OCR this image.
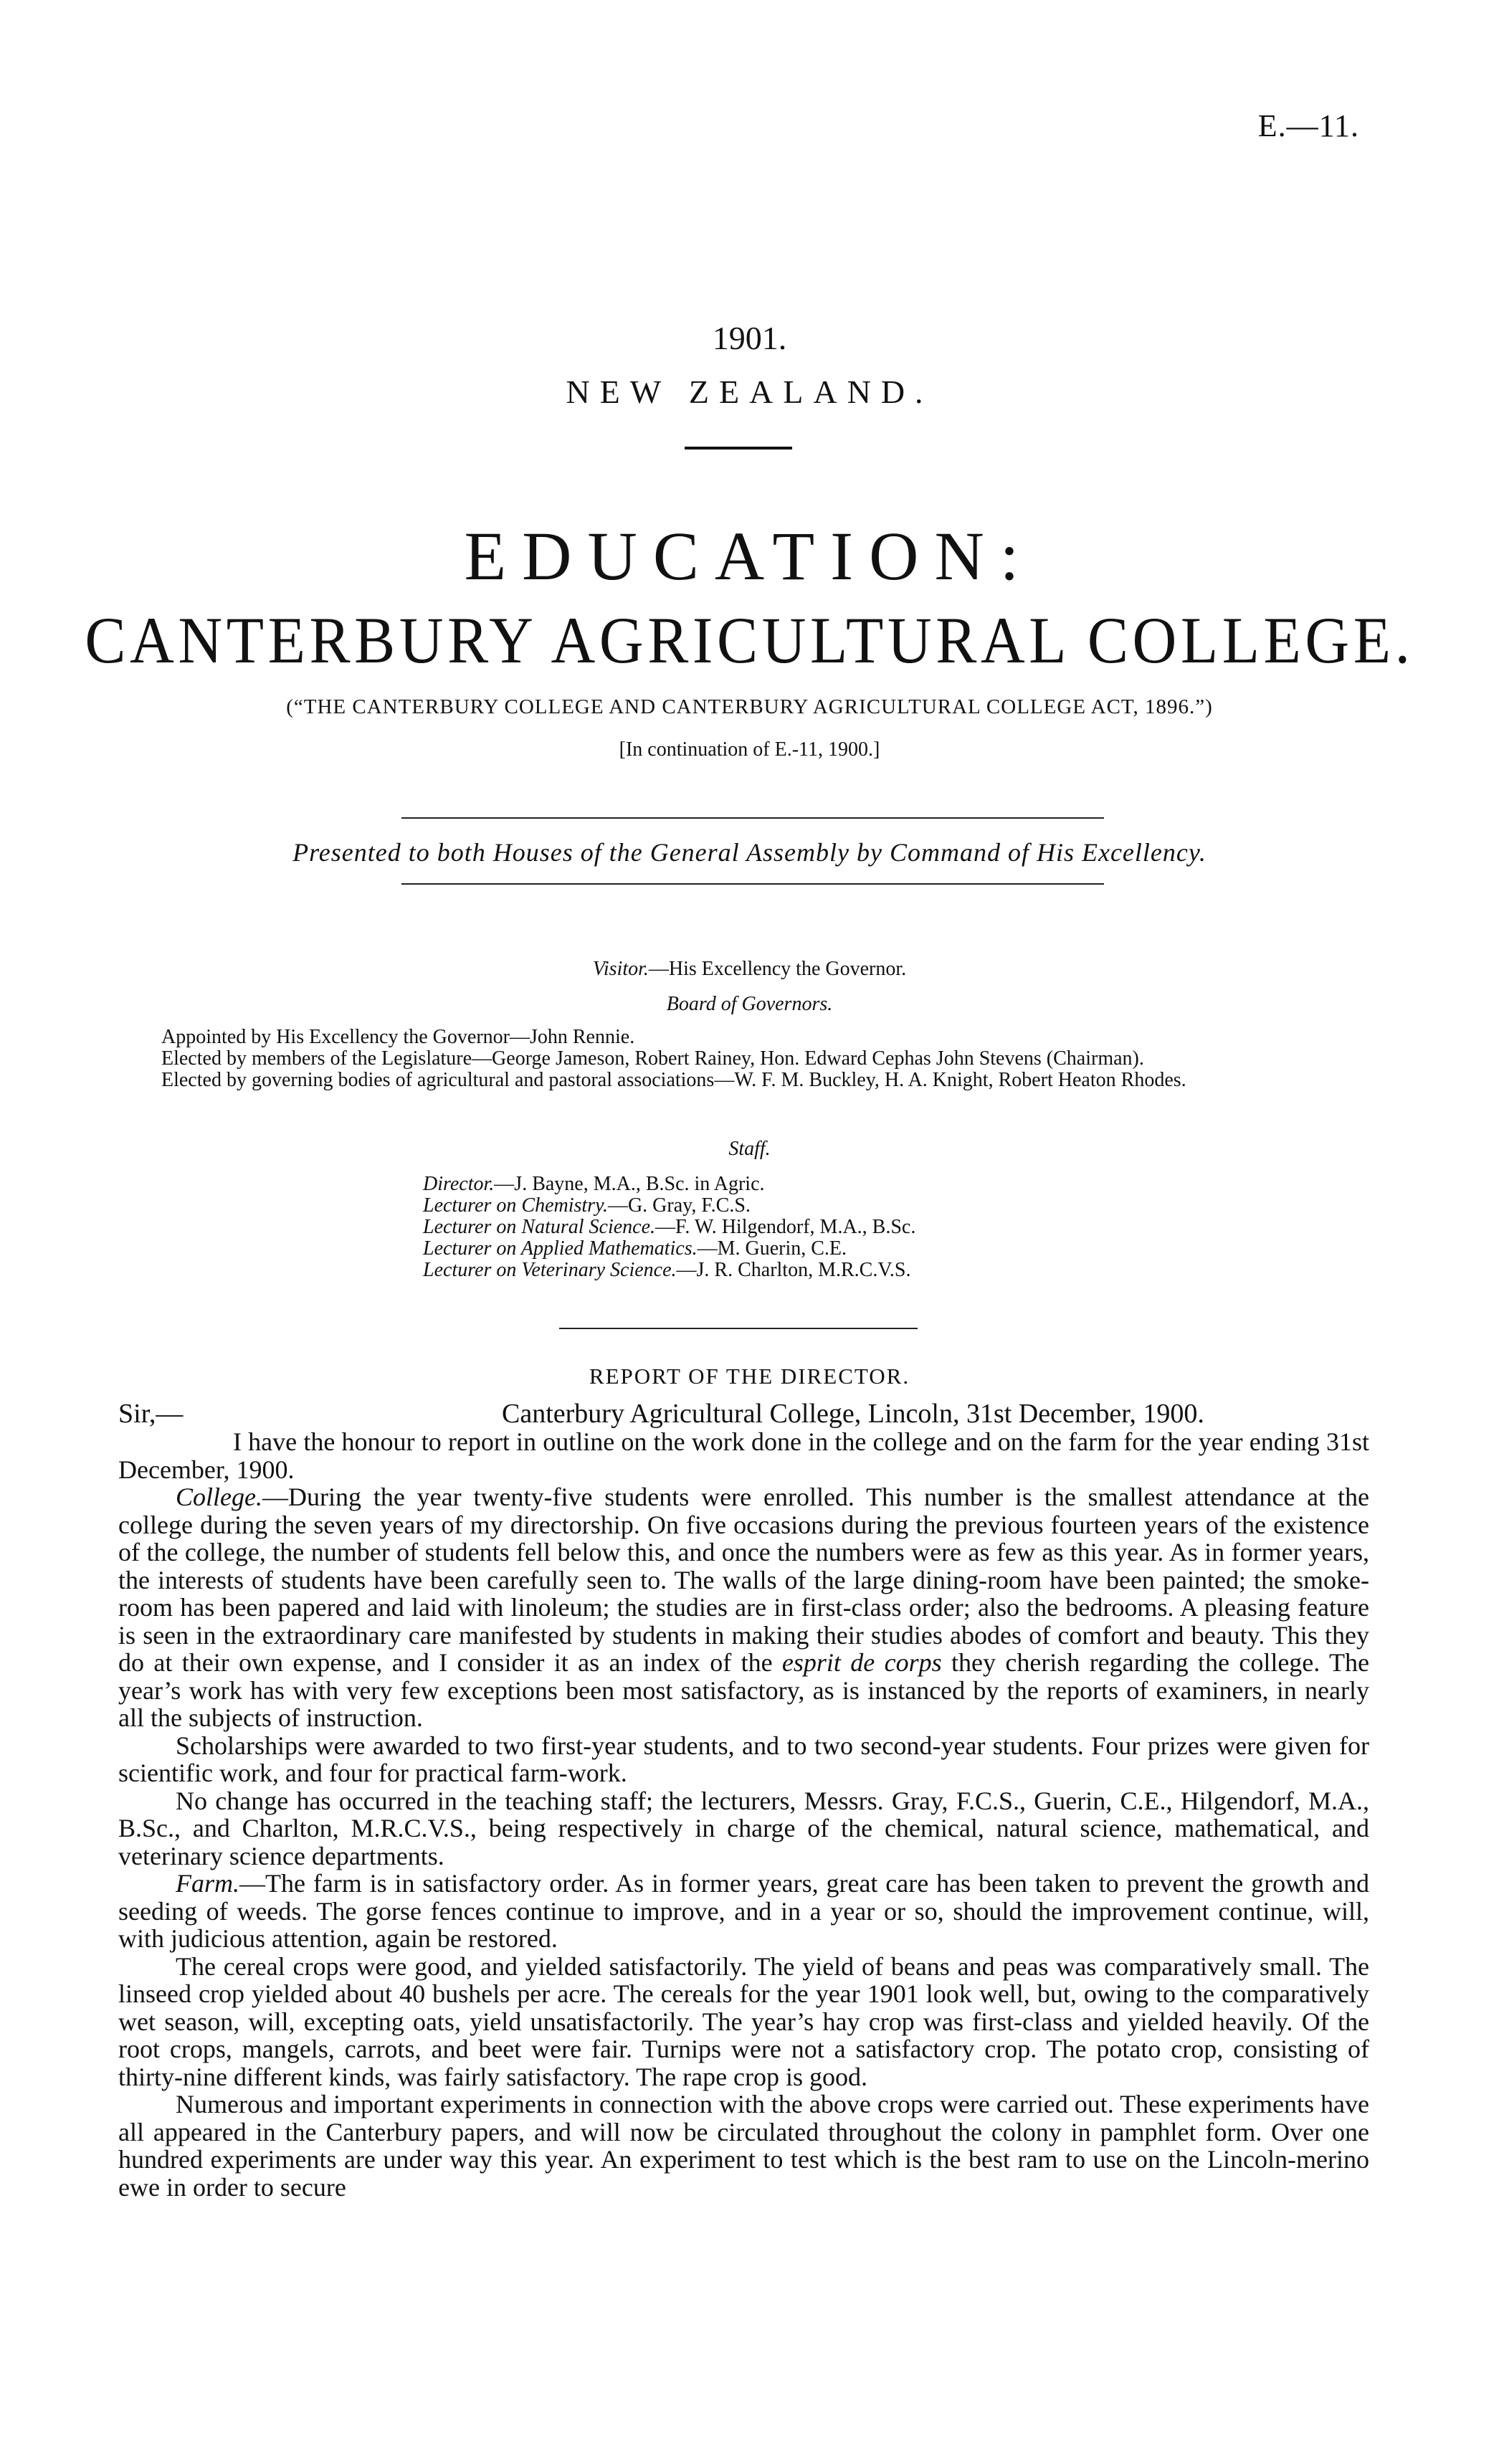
E.—11.
1901.
NEW ZEALAND.
EDUCATION:
CANTERBURY AGRICULTURAL COLLEGE.
(“THE CANTERBURY COLLEGE AND CANTERBURY AGRICULTURAL COLLEGE ACT, 1896.”)
[In continuation of E.-11, 1900.]
Presented to both Houses of the General Assembly by Command of His Excellency.
Visitor.—His Excellency the Governor.
Board of Governors.

Appointed by His Excellency the Governor—John Rennie.

Elected by members of the Legislature—George Jameson, Robert Rainey, Hon. Edward Cephas John Stevens (Chairman).

Elected by governing bodies of agricultural and pastoral associations—W. F. M. Buckley, H. A. Knight, Robert Heaton Rhodes.

Staff.
Director.—J. Bayne, M.A., B.Sc. in Agric.
Lecturer on Chemistry.—G. Gray, F.C.S.
Lecturer on Natural Science.—F. W. Hilgendorf, M.A., B.Sc.
Lecturer on Applied Mathematics.—M. Guerin, C.E.
Lecturer on Veterinary Science.—J. R. Charlton, M.R.C.V.S.
REPORT OF THE DIRECTOR.
Sir,—	Canterbury Agricultural College, Lincoln, 31st December, 1900.

I have the honour to report in outline on the work done in the college and on the farm for the year ending 31st December, 1900.

College.—During the year twenty-five students were enrolled. This number is the smallest attendance at the college during the seven years of my directorship. On five occasions during the previous fourteen years of the existence of the college, the number of students fell below this, and once the numbers were as few as this year. As in former years, the interests of students have been carefully seen to. The walls of the large dining-room have been painted; the smoke-room has been papered and laid with linoleum; the studies are in first-class order; also the bedrooms. A pleasing feature is seen in the extraordinary care manifested by students in making their studies abodes of comfort and beauty. This they do at their own expense, and I consider it as an index of the esprit de corps they cherish regarding the college. The year’s work has with very few exceptions been most satisfactory, as is instanced by the reports of examiners, in nearly all the subjects of instruction.

Scholarships were awarded to two first-year students, and to two second-year students. Four prizes were given for scientific work, and four for practical farm-work.

No change has occurred in the teaching staff; the lecturers, Messrs. Gray, F.C.S., Guerin, C.E., Hilgendorf, M.A., B.Sc., and Charlton, M.R.C.V.S., being respectively in charge of the chemical, natural science, mathematical, and veterinary science departments.

Farm.—The farm is in satisfactory order. As in former years, great care has been taken to prevent the growth and seeding of weeds. The gorse fences continue to improve, and in a year or so, should the improvement continue, will, with judicious attention, again be restored.

The cereal crops were good, and yielded satisfactorily. The yield of beans and peas was comparatively small. The linseed crop yielded about 40 bushels per acre. The cereals for the year 1901 look well, but, owing to the comparatively wet season, will, excepting oats, yield unsatisfactorily. The year’s hay crop was first-class and yielded heavily. Of the root crops, mangels, carrots, and beet were fair. Turnips were not a satisfactory crop. The potato crop, consisting of thirty-nine different kinds, was fairly satisfactory. The rape crop is good.

Numerous and important experiments in connection with the above crops were carried out. These experiments have all appeared in the Canterbury papers, and will now be circulated throughout the colony in pamphlet form. Over one hundred experiments are under way this year. An experiment to test which is the best ram to use on the Lincoln-merino ewe in order to secure
